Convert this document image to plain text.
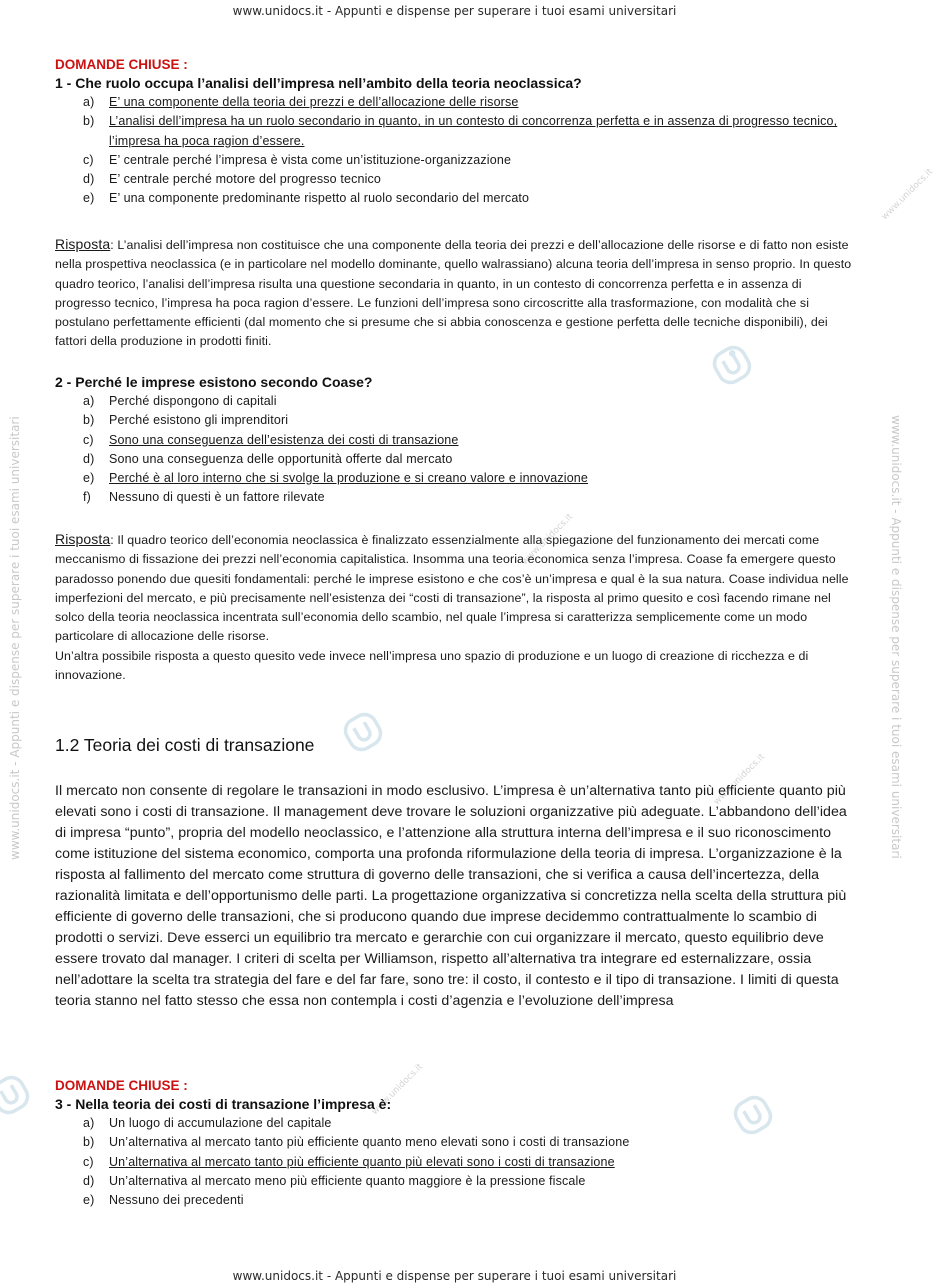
www.unidocs.it - Appunti e dispense per superare i tuoi esami universitari
www.unidocs.it - Appunti e dispense per superare i tuoi esami universitari
www.unidocs.it - Appunti e dispense per superare i tuoi esami universitari	www.unidocs.it - Appunti e dispense per superare i tuoi esami universitari
www.unidocs.it
www.unidocs.it
www.unidocs.it
www.unidocs.it
DOMANDE CHIUSE :
1 - Che ruolo occupa l’analisi dell’impresa nell’ambito della teoria neoclassica?
a) E’ una componente della teoria dei prezzi e dell’allocazione delle risorse
b) L’analisi dell’impresa ha un ruolo secondario in quanto, in un contesto di concorrenza perfetta e in assenza di progresso tecnico, l’impresa ha poca ragion d’essere.
c) E’ centrale perché l’impresa è vista come un’istituzione-organizzazione
d) E’ centrale perché motore del progresso tecnico
e) E’ una componente predominante rispetto al ruolo secondario del mercato
Risposta: L’analisi dell’impresa non costituisce che una componente della teoria dei prezzi e dell’allocazione delle risorse e di fatto non esiste nella prospettiva neoclassica (e in particolare nel modello dominante, quello walrassiano) alcuna teoria dell’impresa in senso proprio. In questo quadro teorico, l’analisi dell’impresa risulta una questione secondaria in quanto, in un contesto di concorrenza perfetta e in assenza di progresso tecnico, l’impresa ha poca ragion d’essere. Le funzioni dell’impresa sono circoscritte alla trasformazione, con modalità che si postulano perfettamente efficienti (dal momento che si presume che si abbia conoscenza e gestione perfetta delle tecniche disponibili), dei fattori della produzione in prodotti finiti.
2 - Perché le imprese esistono secondo Coase?
a) Perché dispongono di capitali
b) Perché esistono gli imprenditori
c) Sono una conseguenza dell’esistenza dei costi di transazione
d) Sono una conseguenza delle opportunità offerte dal mercato
e) Perché è al loro interno che si svolge la produzione e si creano valore e innovazione
f) Nessuno di questi è un fattore rilevate
Risposta: Il quadro teorico dell’economia neoclassica è finalizzato essenzialmente alla spiegazione del funzionamento dei mercati come meccanismo di fissazione dei prezzi nell’economia capitalistica. Insomma una teoria economica senza l’impresa. Coase fa emergere questo paradosso ponendo due quesiti fondamentali: perché le imprese esistono e che cos’è un’impresa e qual è la sua natura. Coase individua nelle imperfezioni del mercato, e più precisamente nell’esistenza dei “costi di transazione”, la risposta al primo quesito e così facendo rimane nel solco della teoria neoclassica incentrata sull’economia dello scambio, nel quale l’impresa si caratterizza semplicemente come un modo particolare di allocazione delle risorse.
Un’altra possibile risposta a questo quesito vede invece nell’impresa uno spazio di produzione e un luogo di creazione di ricchezza e di innovazione.
1.2 Teoria dei costi di transazione
Il mercato non consente di regolare le transazioni in modo esclusivo. L’impresa è un’alternativa tanto più efficiente quanto più elevati sono i costi di transazione. Il management deve trovare le soluzioni organizzative più adeguate. L’abbandono dell’idea di impresa “punto”, propria del modello neoclassico, e l’attenzione alla struttura interna dell’impresa e il suo riconoscimento come istituzione del sistema economico, comporta una profonda riformulazione della teoria di impresa. L’organizzazione è la risposta al fallimento del mercato come struttura di governo delle transazioni, che si verifica a causa dell’incertezza, della razionalità limitata e dell’opportunismo delle parti. La progettazione organizzativa si concretizza nella scelta della struttura più efficiente di governo delle transazioni, che si producono quando due imprese decidemmo contrattualmente lo scambio di prodotti o servizi. Deve esserci un equilibrio tra mercato e gerarchie con cui organizzare il mercato, questo equilibrio deve essere trovato dal manager. I criteri di scelta per Williamson, rispetto all’alternativa tra integrare ed esternalizzare, ossia nell’adottare la scelta tra strategia del fare e del far fare, sono tre: il costo, il contesto e il tipo di transazione. I limiti di questa teoria stanno nel fatto stesso che essa non contempla i costi d’agenzia e l’evoluzione dell’impresa
DOMANDE CHIUSE :
3 - Nella teoria dei costi di transazione l’impresa è:
a) Un luogo di accumulazione del capitale
b) Un’alternativa al mercato tanto più efficiente quanto meno elevati sono i costi di transazione
c) Un’alternativa al mercato tanto più efficiente quanto più elevati sono i costi di transazione
d) Un’alternativa al mercato meno più efficiente quanto maggiore è la pressione fiscale
e) Nessuno dei precedenti
